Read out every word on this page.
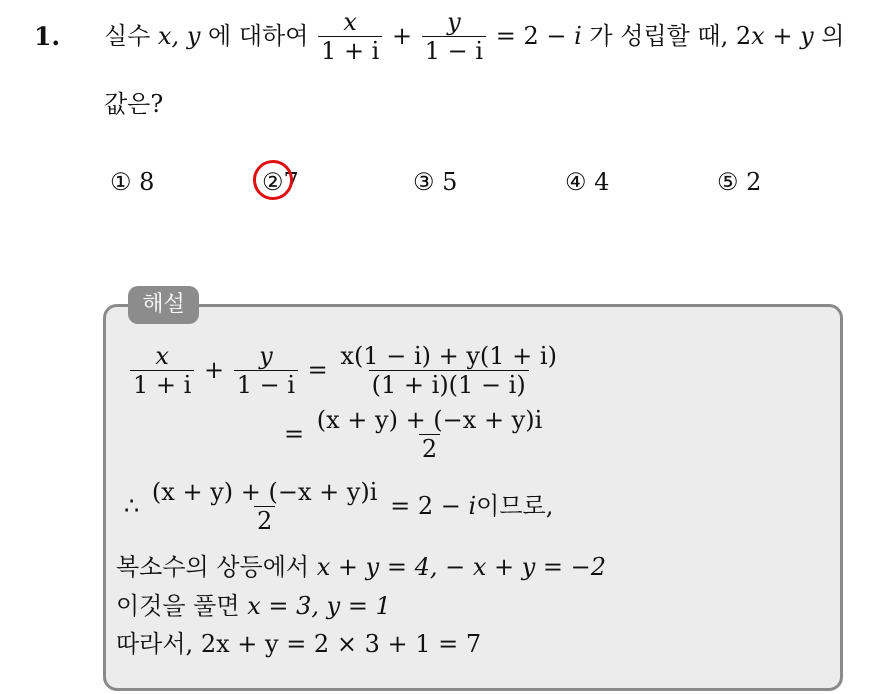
1. 실수 x, y 에 대하여 $\frac{x}{1 + i} + \frac{y}{1 - i} = 2 - i$ 가 성립할 때, 2x + y 의
값은?
① 8	②7	③ 5	④ 4	⑤ 2
해설
$\frac{x}{1 + i} + \frac{y}{1 - i} = \frac{x(1 - i) + y(1 + i)}{(1 + i)(1 - i)}$
= $\frac{(x + y) + (-x + y)i}{2}$
∴ $\frac{(x + y) + (-x + y)i}{2} = 2 - i$이므로,
복소수의 상등에서 x + y = 4, − x + y = −2
이것을 풀면 x = 3, y = 1
따라서, 2x + y = 2 × 3 + 1 = 7
